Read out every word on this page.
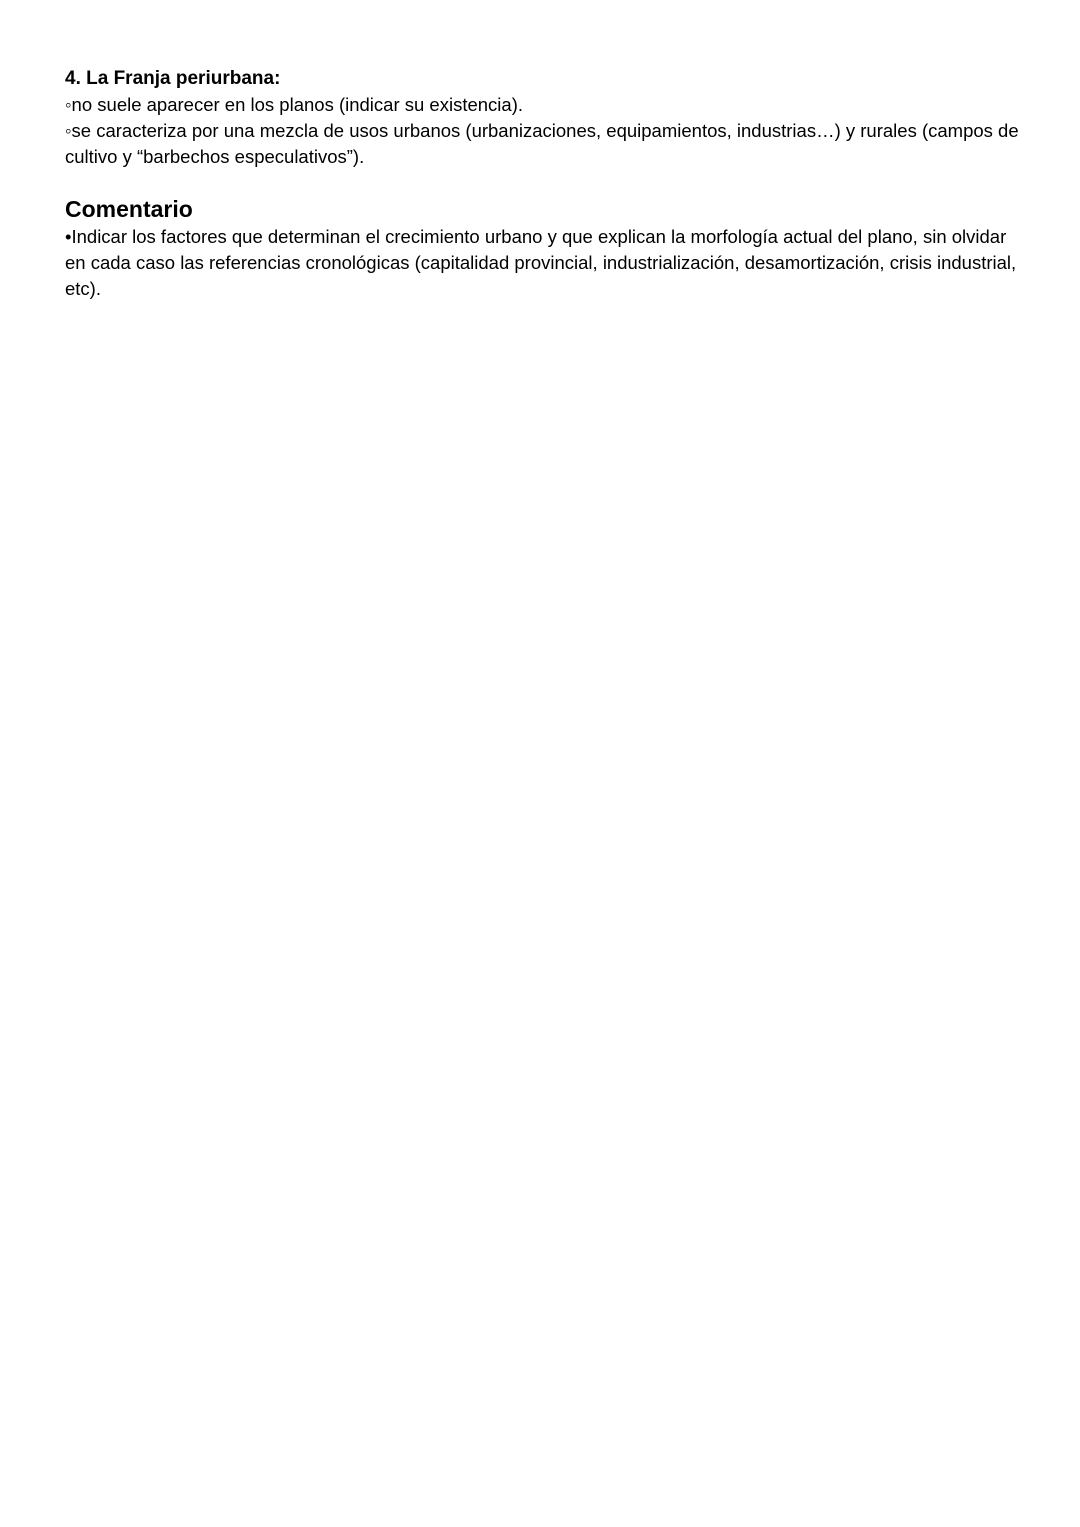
4. La Franja periurbana:

◦no suele aparecer en los planos (indicar su existencia).

◦se caracteriza por una mezcla de usos urbanos (urbanizaciones, equipamientos, industrias…) y rurales (campos de cultivo y “barbechos especulativos”).

Comentario

•Indicar los factores que determinan el crecimiento urbano y que explican la morfología actual del plano, sin olvidar en cada caso las referencias cronológicas (capitalidad provincial, industrialización, desamortización, crisis industrial, etc).
